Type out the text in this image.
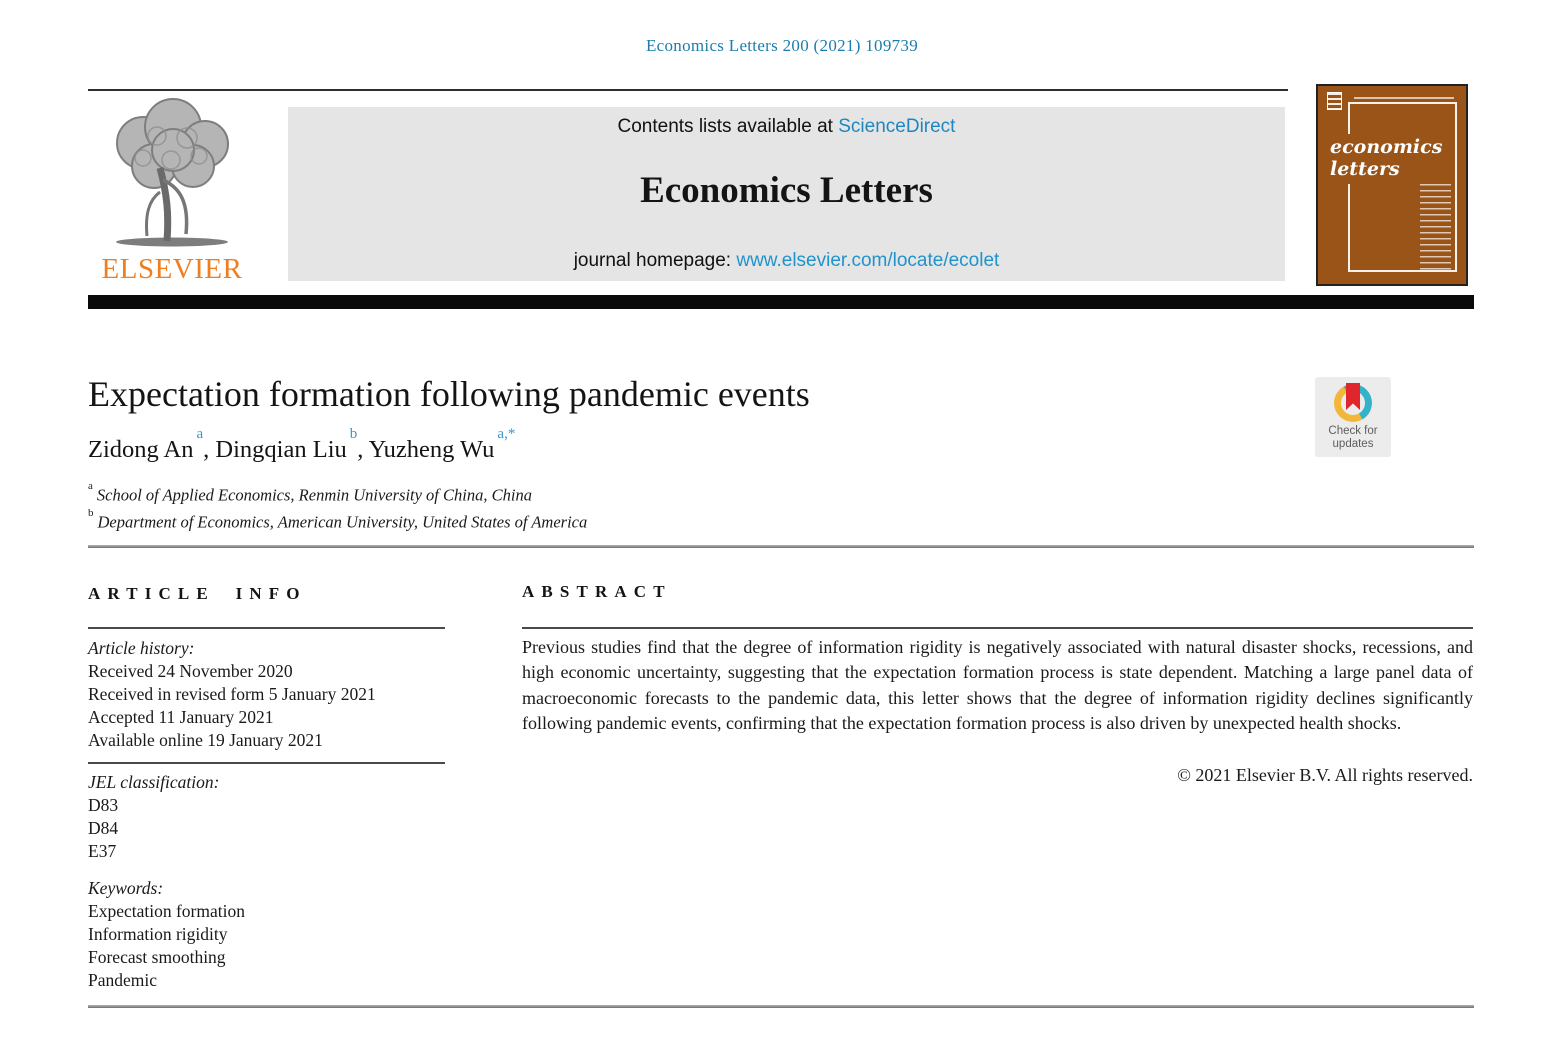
Economics Letters 200 (2021) 109739
ELSEVIER
Contents lists available at ScienceDirect
Economics Letters
journal homepage: www.elsevier.com/locate/ecolet
economics letters
Expectation formation following pandemic events
Check for updates
Zidong An$^a$, Dingqian Liu$^b$, Yuzheng $Wu^{a,*}$
$^a$ School of Applied Economics, Renmin University of China, China
$^b$ Department of Economics, American University, United States of America
ARTICLE INFO
Article history:
Received 24 November 2020
Received in revised form 5 January 2021
Accepted 11 January 2021
Available online 19 January 2021
JEL classification:
D83
D84
E37
Keywords:
Expectation formation
Information rigidity
Forecast smoothing
Pandemic
ABSTRACT

Previous studies find that the degree of information rigidity is negatively associated with natural disaster shocks, recessions, and high economic uncertainty, suggesting that the expectation formation process is state dependent. Matching a large panel data of macroeconomic forecasts to the pandemic data, this letter shows that the degree of information rigidity declines significantly following pandemic events, confirming that the expectation formation process is also driven by unexpected health shocks.

© 2021 Elsevier B.V. All rights reserved.
